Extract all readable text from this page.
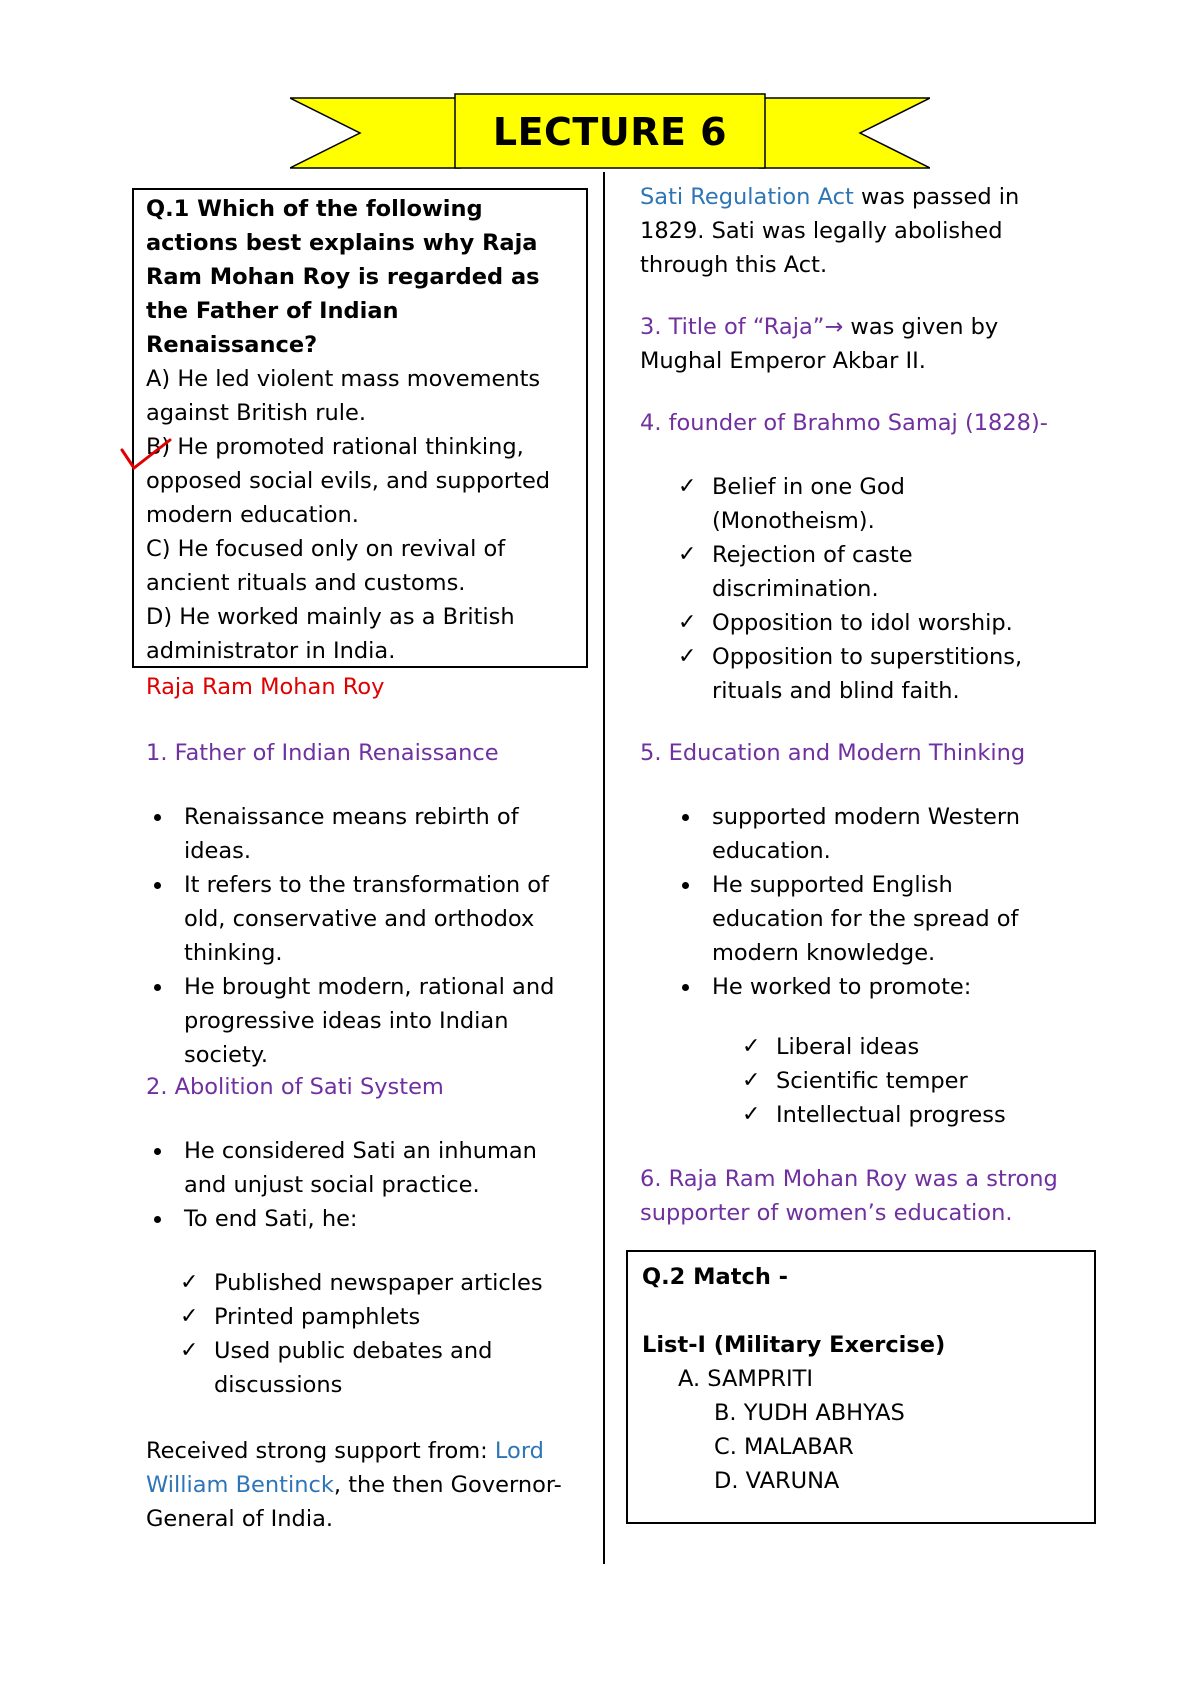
LECTURE 6
Q.1 Which of the following actions best explains why Raja Ram Mohan Roy is regarded as the Father of Indian Renaissance?
A) He led violent mass movements against British rule.
B) He promoted rational thinking, opposed social evils, and supported modern education.
C) He focused only on revival of ancient rituals and customs.
D) He worked mainly as a British administrator in India.
Raja Ram Mohan Roy
1. Father of Indian Renaissance
Renaissance means rebirth of ideas.
It refers to the transformation of old, conservative and orthodox thinking.
He brought modern, rational and progressive ideas into Indian society.
2. Abolition of Sati System
He considered Sati an inhuman and unjust social practice.
To end Sati, he:
✓ Published newspaper articles
✓ Printed pamphlets
✓ Used public debates and discussions
Received strong support from: Lord William Bentinck, the then Governor-General of India.
Sati Regulation Act was passed in 1829. Sati was legally abolished through this Act.
3. Title of “Raja”→ was given by Mughal Emperor Akbar II.
4. founder of Brahmo Samaj (1828)-
✓ Belief in one God (Monotheism).
✓ Rejection of caste discrimination.
✓ Opposition to idol worship.
✓ Opposition to superstitions, rituals and blind faith.
5. Education and Modern Thinking
supported modern Western education.
He supported English education for the spread of modern knowledge.
He worked to promote:
✓ Liberal ideas
✓ Scientific temper
✓ Intellectual progress
6. Raja Ram Mohan Roy was a strong supporter of women’s education.
Q.2 Match -
List-I (Military Exercise)
A. SAMPRITI
B. YUDH ABHYAS
C. MALABAR
D. VARUNA
